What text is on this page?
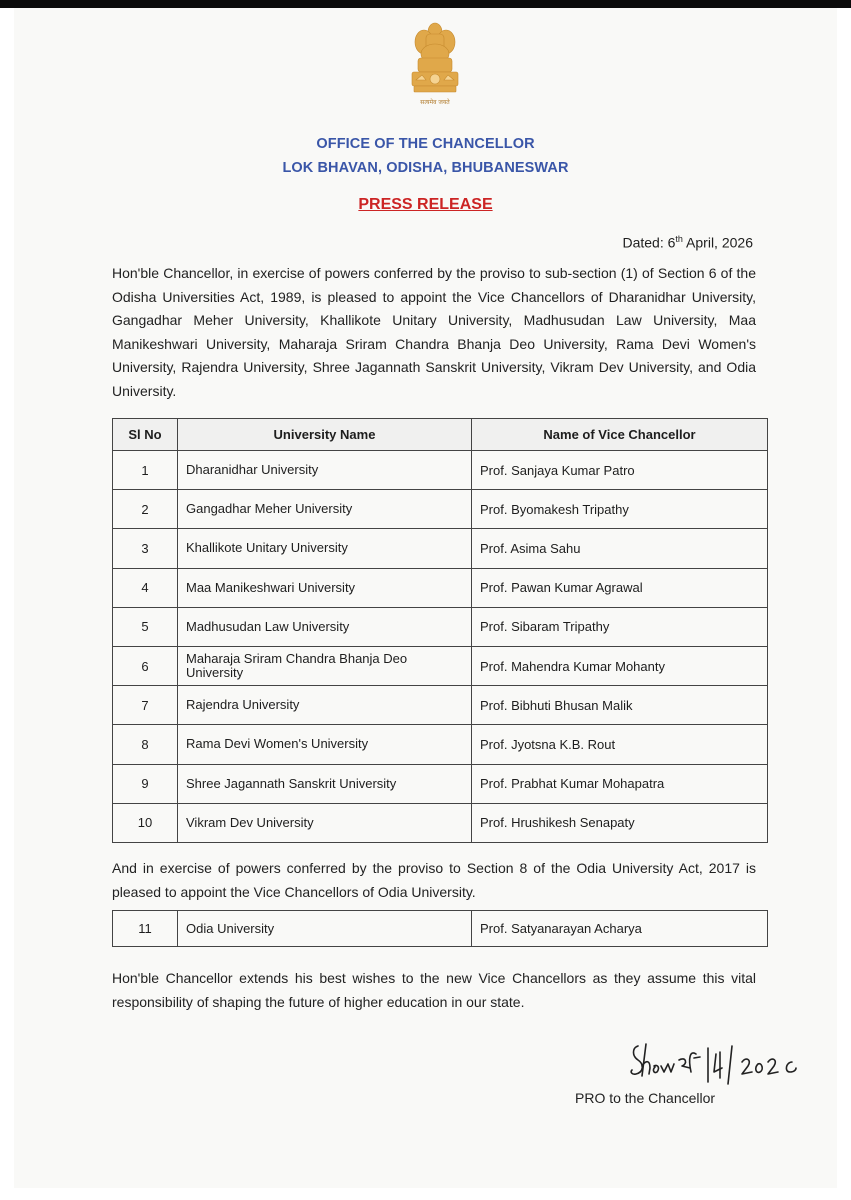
सत्यमेव जयते
OFFICE OF THE CHANCELLOR
LOK BHAVAN, ODISHA, BHUBANESWAR
PRESS RELEASE
Dated: 6th April, 2026
Hon'ble Chancellor, in exercise of powers conferred by the proviso to sub-section (1) of Section 6 of the Odisha Universities Act, 1989, is pleased to appoint the Vice Chancellors of Dharanidhar University, Gangadhar Meher University, Khallikote Unitary University, Madhusudan Law University, Maa Manikeshwari University, Maharaja Sriram Chandra Bhanja Deo University, Rama Devi Women's University, Rajendra University, Shree Jagannath Sanskrit University, Vikram Dev University, and Odia University.
Sl No	University Name	Name of Vice Chancellor
1	Dharanidhar University	Prof. Sanjaya Kumar Patro
2	Gangadhar Meher University	Prof. Byomakesh Tripathy
3	Khallikote Unitary University	Prof. Asima Sahu
4	Maa Manikeshwari University	Prof. Pawan Kumar Agrawal
5	Madhusudan Law University	Prof. Sibaram Tripathy
6	Maharaja Sriram Chandra Bhanja Deo University	Prof. Mahendra Kumar Mohanty
7	Rajendra University	Prof. Bibhuti Bhusan Malik
8	Rama Devi Women's University	Prof. Jyotsna K.B. Rout
9	Shree Jagannath Sanskrit University	Prof. Prabhat Kumar Mohapatra
10	Vikram Dev University	Prof. Hrushikesh Senapaty
And in exercise of powers conferred by the proviso to Section 8 of the Odia University Act, 2017 is pleased to appoint the Vice Chancellors of Odia University.
11	Odia University	Prof. Satyanarayan Acharya
Hon'ble Chancellor extends his best wishes to the new Vice Chancellors as they assume this vital responsibility of shaping the future of higher education in our state.
PRO to the Chancellor
